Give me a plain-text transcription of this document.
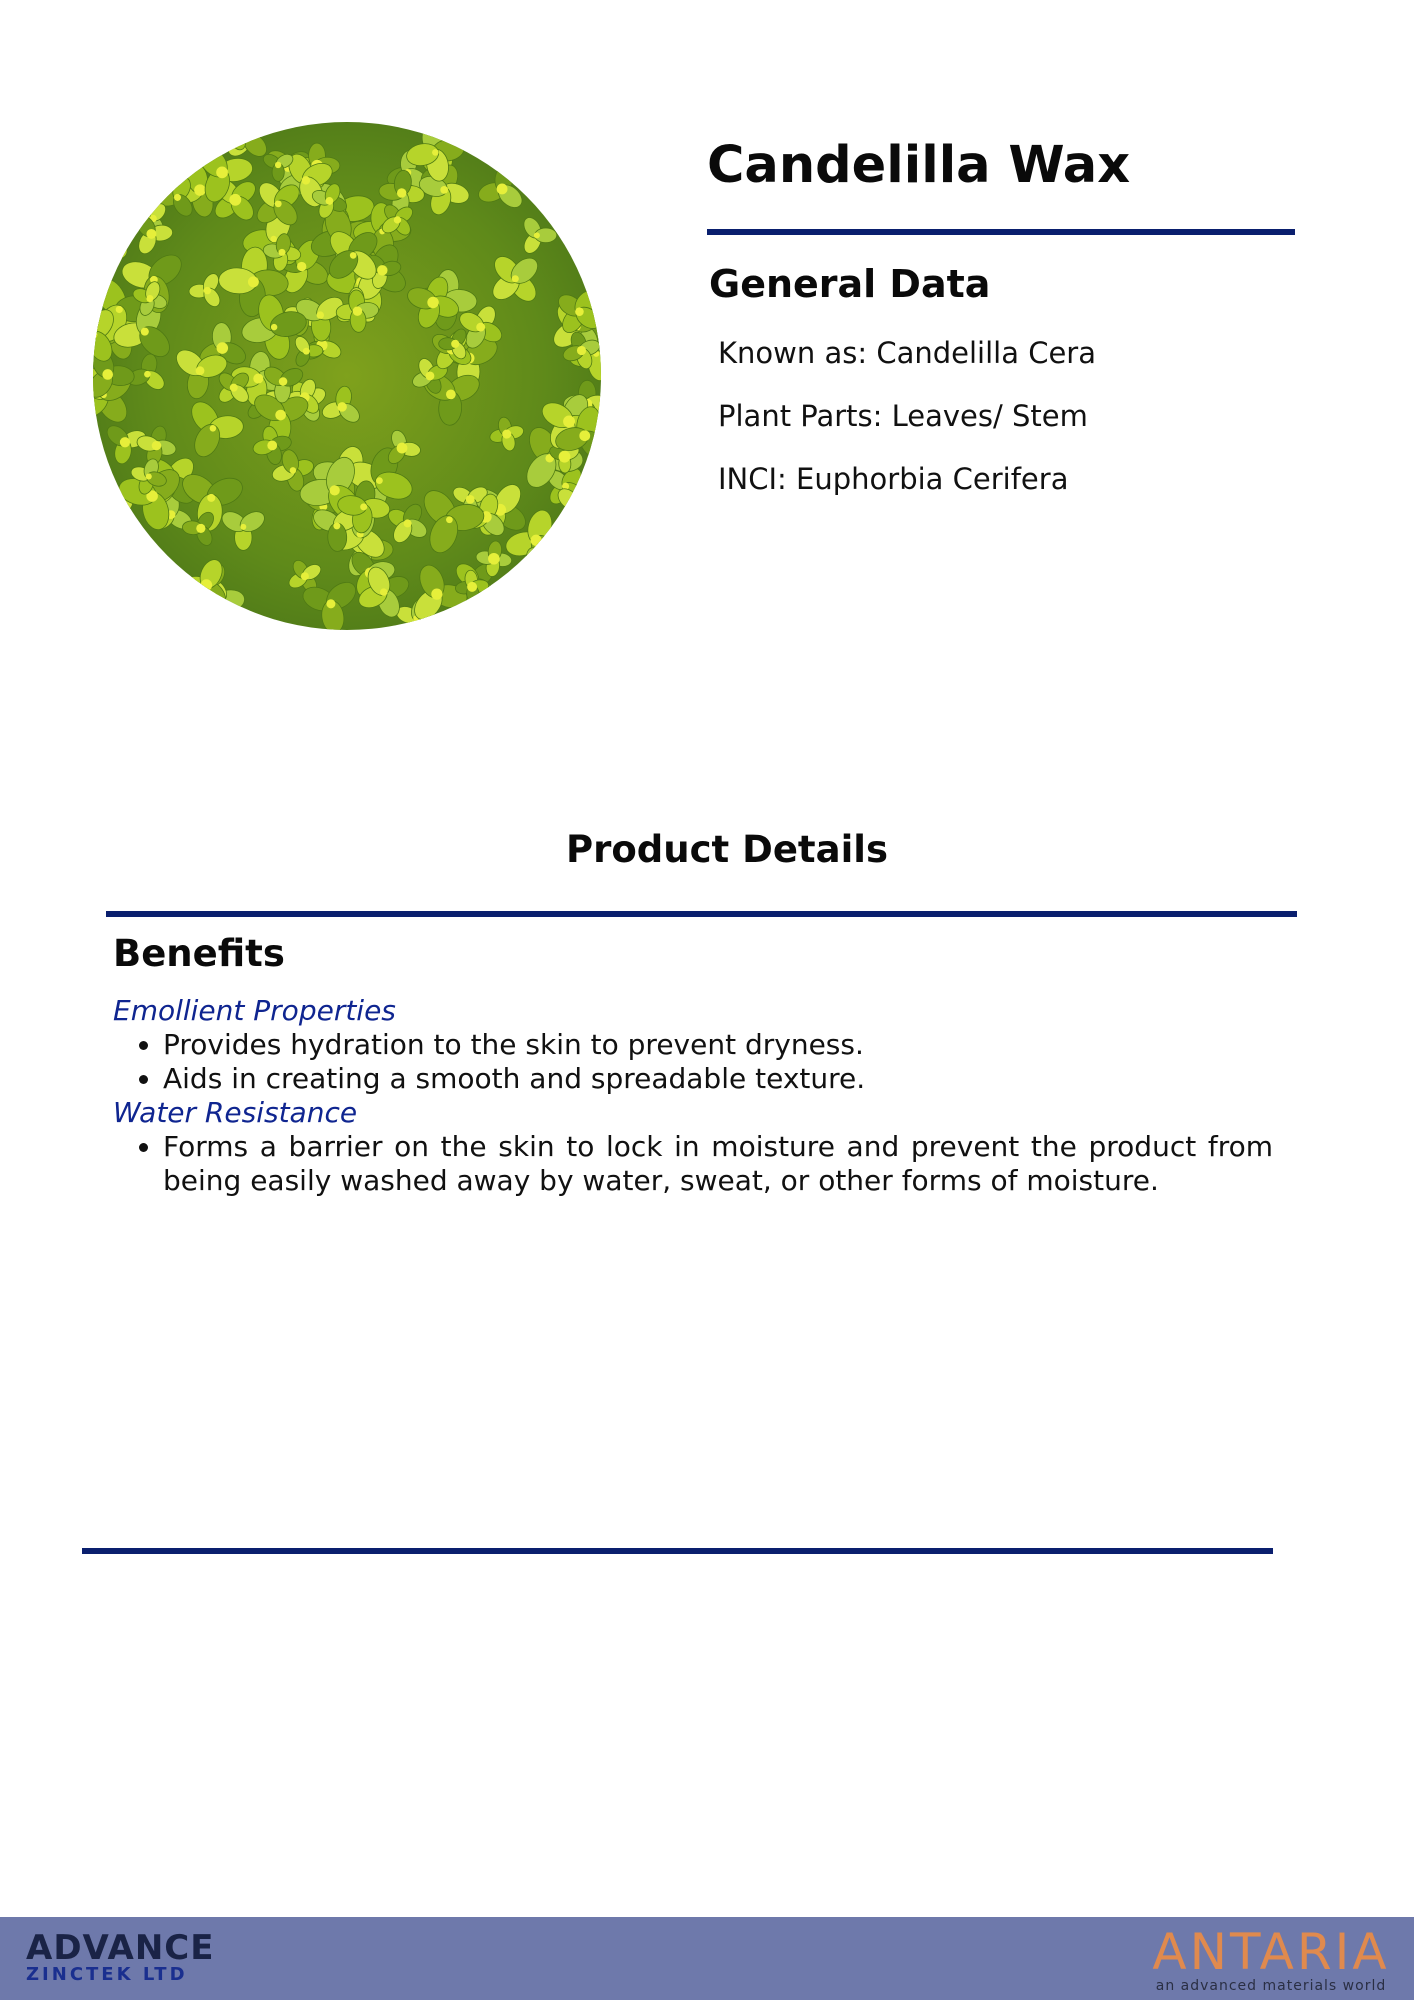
Candelilla Wax
General Data

Known as: Candelilla Cera

Plant Parts: Leaves/ Stem

INCI: Euphorbia Cerifera

Product Details
Benefits

Emollient Properties

• Provides hydration to the skin to prevent dryness.
• Aids in creating a smooth and spreadable texture.

Water Resistance

• Forms a barrier on the skin to lock in moisture and prevent the product from being easily washed away by water, sweat, or other forms of moisture.
ADVANCE
ZINCTEK LTD	ANTARIA
an advanced materials world
